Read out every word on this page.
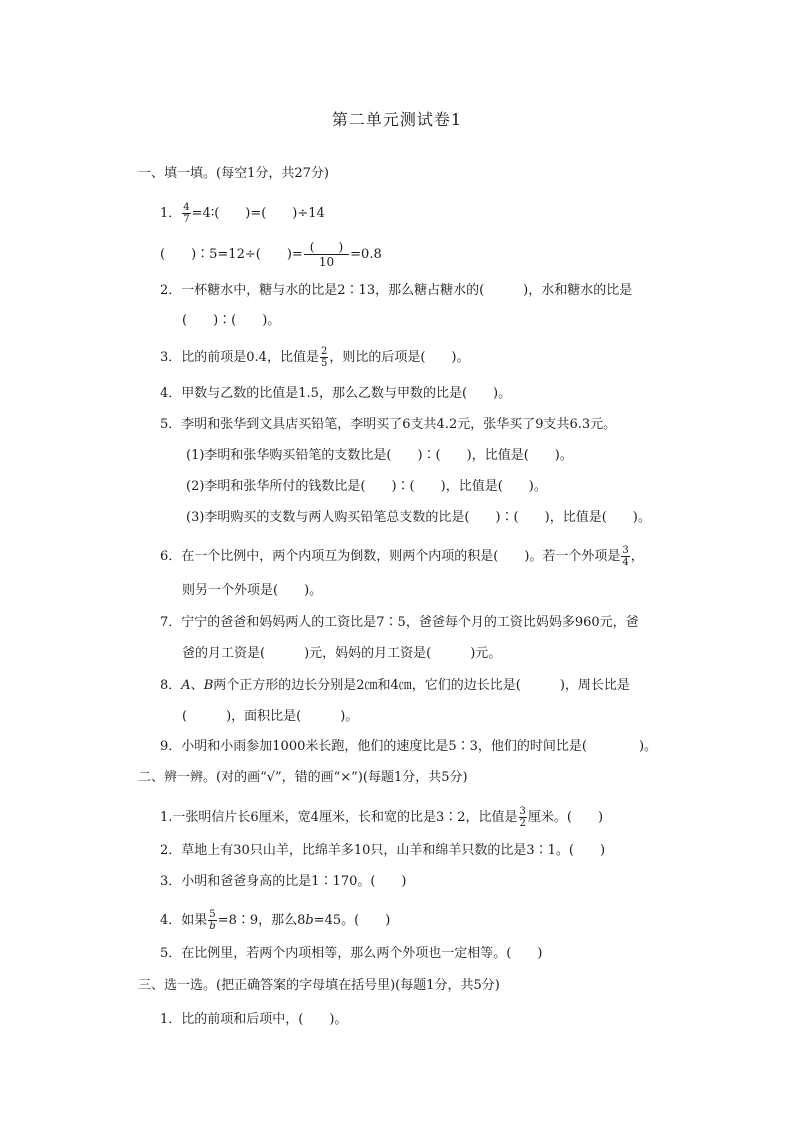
第二单元测试卷1
一、填一填。(每空1分，共27分)
1． $\frac{4}{7}$ =4∶(　　)=(　　)÷14
(　　)∶5=12÷(　　)= $\frac{( )}{10} =0.8$
2．一杯糖水中，糖与水的比是2∶13，那么糖占糖水的(　　　)，水和糖水的比是
(　　)∶(　　)。
3．比的前项是0.4，比值是 $\frac{2}{5}$ ，则比的后项是(　　)。
4．甲数与乙数的比值是1.5，那么乙数与甲数的比是(　　)。
5．李明和张华到文具店买铅笔，李明买了6支共4.2元，张华买了9支共6.3元。
(1)李明和张华购买铅笔的支数比是(　　)∶(　　)，比值是(　　)。
(2)李明和张华所付的钱数比是(　　)∶(　　)，比值是(　　)。
(3)李明购买的支数与两人购买铅笔总支数的比是(　　)∶(　　)，比值是(　　)。
6．在一个比例中，两个内项互为倒数，则两个内项的积是(　　)。若一个外项是 $\frac{3}{4}$ ，
则另一个外项是(　　)。
7．宁宁的爸爸和妈妈两人的工资比是7∶5，爸爸每个月的工资比妈妈多960元，爸
爸的月工资是(　　　)元，妈妈的月工资是(　　　)元。
8．A、B两个正方形的边长分别是2㎝和4㎝，它们的边长比是(　　　)，周长比是
(　　　)，面积比是(　　　)。
9．小明和小雨参加1000米长跑，他们的速度比是5∶3，他们的时间比是(　　　　)。
二、辨一辨。(对的画“√”，错的画“×”)(每题1分，共5分)
1.一张明信片长6厘米，宽4厘米，长和宽的比是3∶2，比值是 $\frac{3}{2}$ 厘米。(　　)
2．草地上有30只山羊，比绵羊多10只，山羊和绵羊只数的比是3∶1。(　　)
3．小明和爸爸身高的比是1∶170。(　　)
4．如果 $\frac{5}{b}$ =8∶9，那么8b=45。(　　)
5．在比例里，若两个内项相等，那么两个外项也一定相等。(　　)
三、选一选。(把正确答案的字母填在括号里)(每题1分，共5分)
1．比的前项和后项中，(　　)。
